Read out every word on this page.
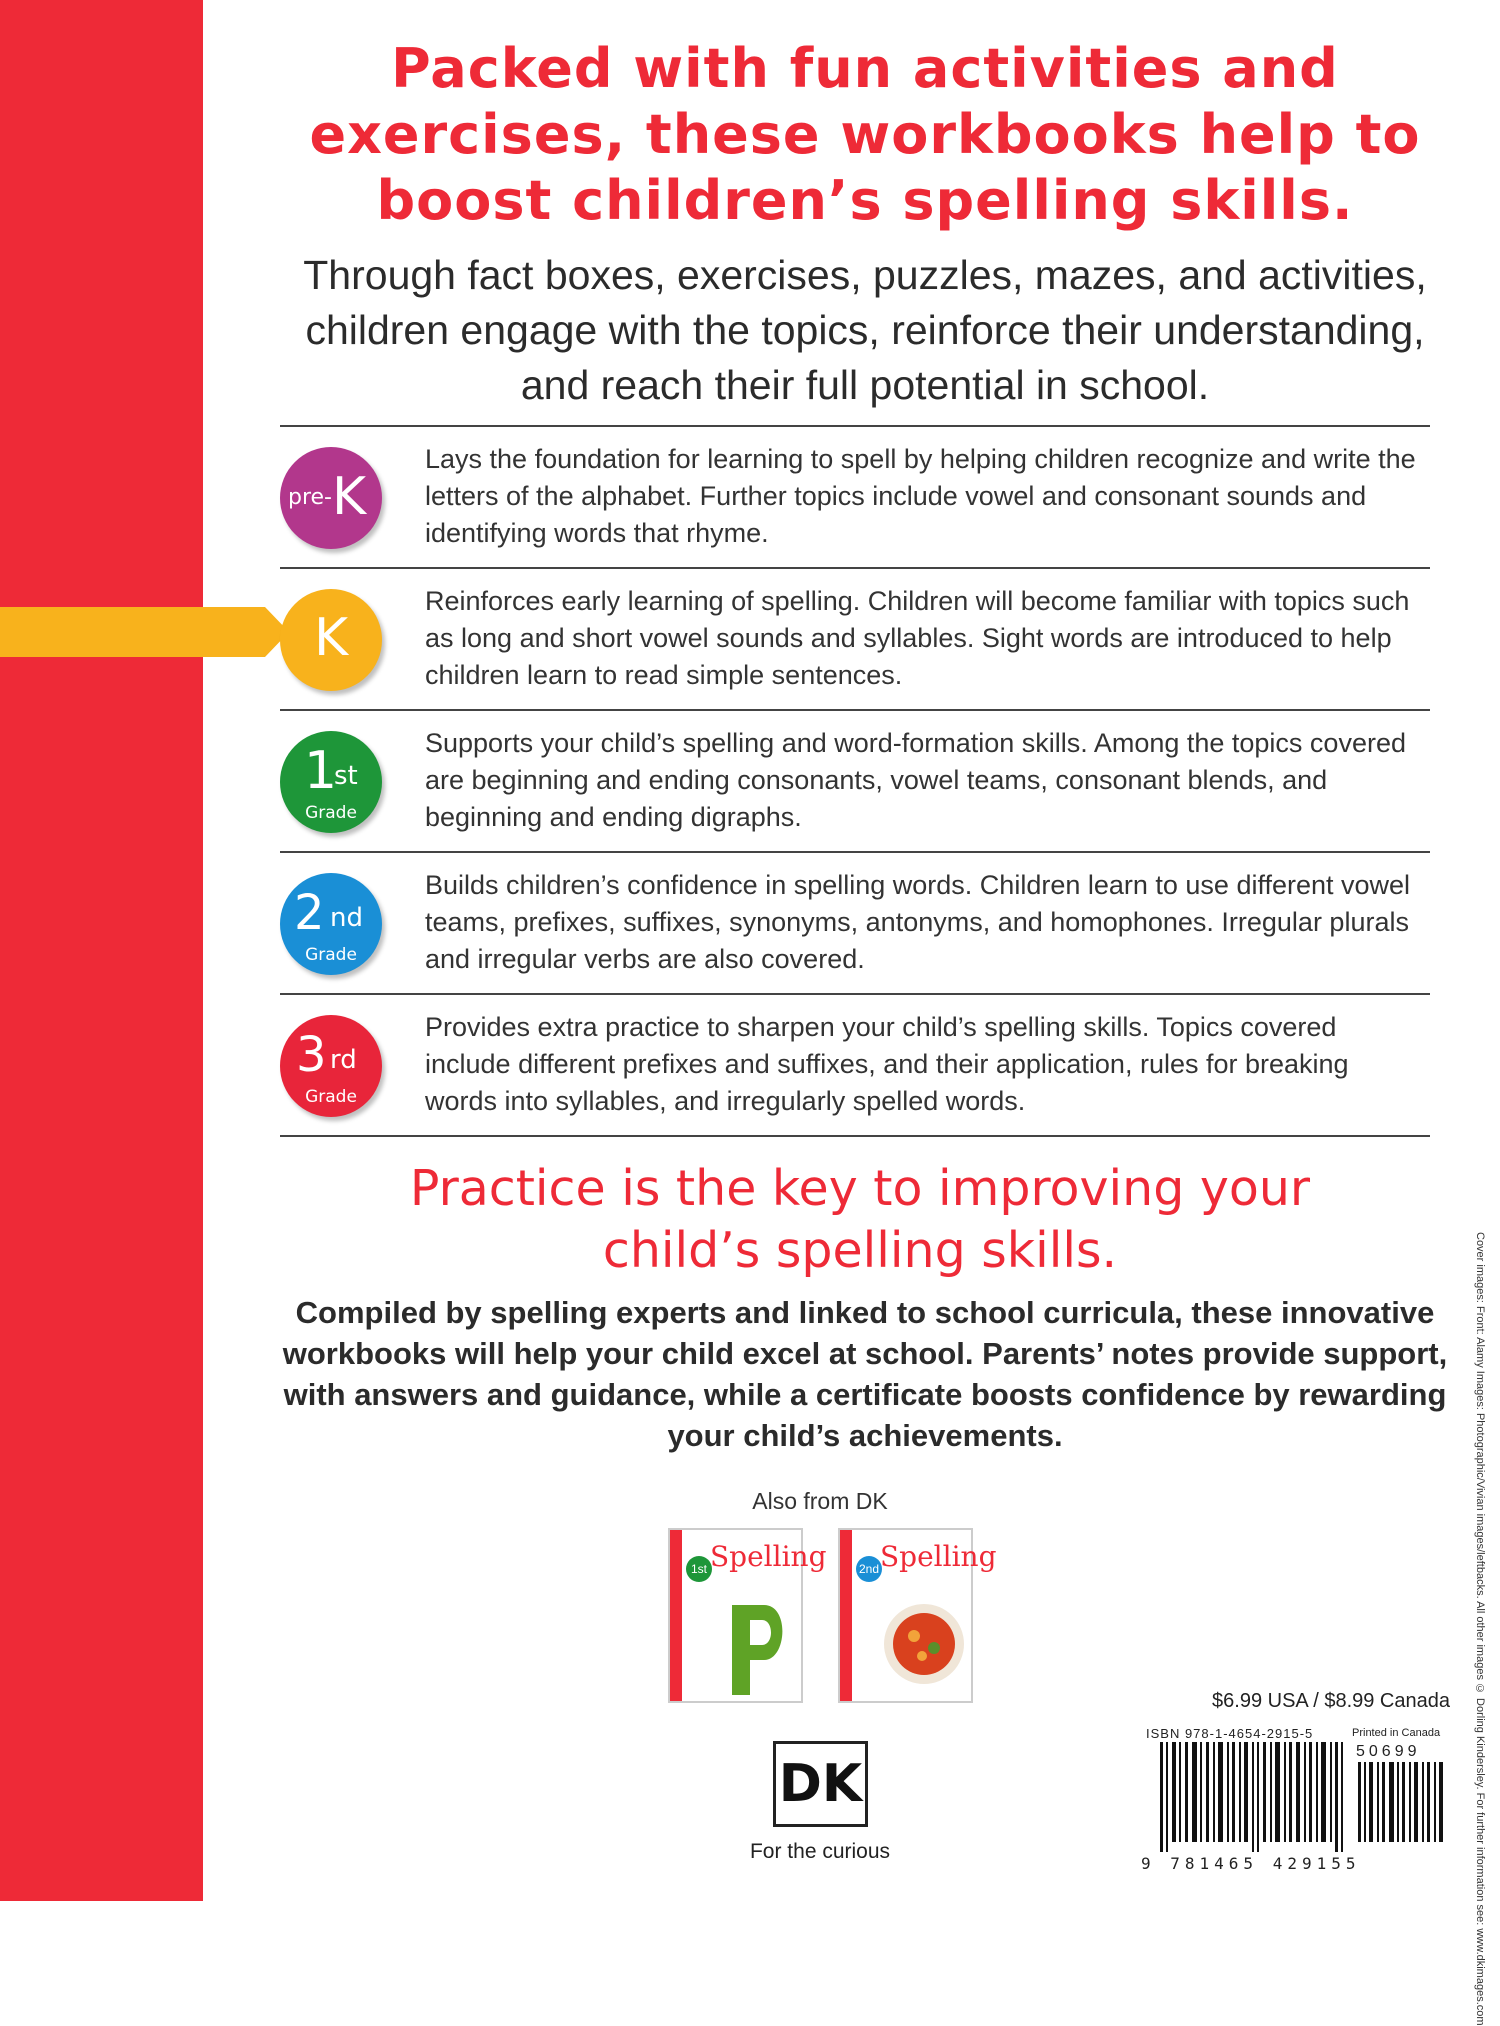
Packed with fun activities and exercises, these workbooks help to boost children’s spelling skills.
Through fact boxes, exercises, puzzles, mazes, and activities, children engage with the topics, reinforce their understanding, and reach their full potential in school.
pre- K
Lays the foundation for learning to spell by helping children recognize and write the letters of the alphabet. Further topics include vowel and consonant sounds and identifying words that rhyme.
K
Reinforces early learning of spelling. Children will become familiar with topics such as long and short vowel sounds and syllables. Sight words are introduced to help children learn to read simple sentences.
1
st
Grade
Supports your child’s spelling and word-formation skills. Among the topics covered are beginning and ending consonants, vowel teams, consonant blends, and beginning and ending digraphs.
2 nd
Grade
Builds children’s confidence in spelling words. Children learn to use different vowel teams, prefixes, suffixes, synonyms, antonyms, and homophones. Irregular plurals and irregular verbs are also covered.
3 rd
Grade
Provides extra practice to sharpen your child’s spelling skills. Topics covered include different prefixes and suffixes, and their application, rules for breaking words into syllables, and irregularly spelled words.
Practice is the key to improving your child’s spelling skills.
Compiled by spelling experts and linked to school curricula, these innovative workbooks will help your child excel at school. Parents’ notes provide support, with answers and guidance, while a certificate boosts confidence by rewarding your child’s achievements.
Also from DK
1st Spelling	2nd Spelling
$6.99 USA / $8.99 Canada
ISBN 978-1-4654-2915-5	Printed in Canada
50699
9 781465 429155
DK
For the curious	Cover images: Front: Alamy Images: Photographic/Vivian images/leftbacks. All other images © Dorling Kindersley. For further information see: www.dkimages.com
